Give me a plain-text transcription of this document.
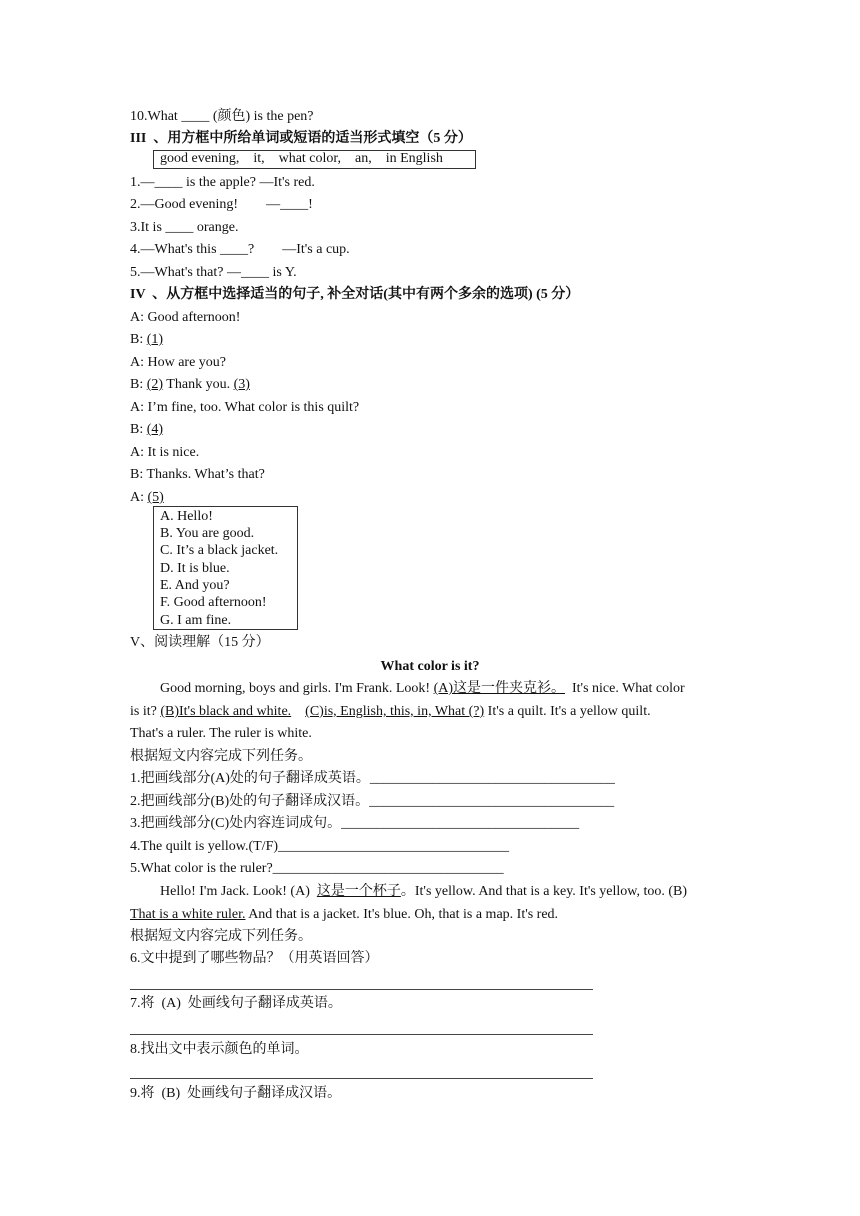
10.What ____ (颜色) is the pen?
III  、用方框中所给单词或短语的适当形式填空（5 分）
good evening,    it,    what color,    an,    in English
1.—____ is the apple? —It's red.
2.—Good evening!        —____!
3.It is ____ orange.
4.—What's this ____?        —It's a cup.
5.—What's that? —____ is Y.
IV  、从方框中选择适当的句子, 补全对话(其中有两个多余的选项) (5 分）
A: Good afternoon!
B: (1)
A: How are you?
B: (2) Thank you. (3)
A: I’m fine, too. What color is this quilt?
B: (4)
A: It is nice.
B: Thanks. What’s that?
A: (5)
A. Hello!
B. You are good.
C. It’s a black jacket.
D. It is blue.
E. And you?
F. Good afternoon!
G. I am fine.
V、阅读理解（15 分）
What color is it?
Good morning, boys and girls. I'm Frank. Look! (A)这是一件夹克衫。  It's nice. What color
is it? (B)It's black and white. (C)is, English, this, in, What (?) It's a quilt. It's a yellow quilt.
That's a ruler. The ruler is white.
根据短文内容完成下列任务。
1.把画线部分(A)处的句子翻译成英语。___________________________________
2.把画线部分(B)处的句子翻译成汉语。___________________________________
3.把画线部分(C)处内容连词成句。__________________________________
4.The quilt is yellow.(T/F)_________________________________
5.What color is the ruler?_________________________________
Hello! I'm Jack. Look! (A)  这是一个杯子。It's yellow. And that is a key. It's yellow, too. (B)
That is a white ruler. And that is a jacket. It's blue. Oh, that is a map. It's red.
根据短文内容完成下列任务。
6.文中提到了哪些物品？（用英语回答）
7.将  (A)  处画线句子翻译成英语。
8.找出文中表示颜色的单词。
9.将  (B)  处画线句子翻译成汉语。
